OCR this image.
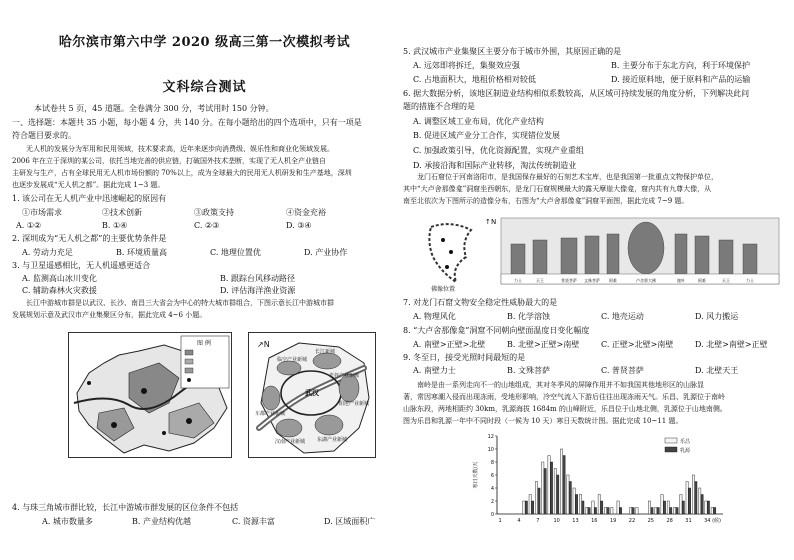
哈尔滨市第六中学 2020 级高三第一次模拟考试
文科综合测试
本试卷共 5 页，45 道题。全卷满分 300 分，考试用时 150 分钟。
一、选择题：本题共 35 小题，每小题 4 分，共 140 分。在每小题给出的四个选项中，只有一项是
符合题目要求的。
无人机的发展分为军用和民用领域，技术要求高，近年来逐步向消费级、娱乐性和商业化领域发展。
2006 年在立于深圳的某公司，依托当地完善的供应链，打破国外技术垄断，实现了无人机全产业链自
主研发与生产，占有全球民用无人机市场份额的 70%以上，成为全球最大的民用无人机研发和生产基地，深圳
也逐步发展成“无人机之都”。据此完成 1~3 题。
1. 该公司在无人机产业中迅速崛起的原因有
①市场需求	②技术创新	③政策支持	④资金充裕
A. ①②	B. ①④	C. ②③	D. ③④
2. 深圳成为“无人机之都”的主要优势条件是
A. 劳动力充足	B. 环境质量高	C. 地理位置优	D. 产业协作
3. 与卫星遥感相比，无人机遥感更适合
A. 监测高山冰川变化	B. 跟踪台风移动路径
C. 辅助森林火灾救援	D. 评估海洋渔业资源
长江中游城市群是以武汉、长沙、南昌三大省会为中心的特大城市群组合，下图示意长江中游城市群
发展规划示意及武汉市产业集聚区分布，据此完成 4~6 小题。
图 例	↗N
临空产业新城
长江新城
武汉
阳逻产业新城
东湖产业新城
汉南产业新城
车都产业新城
光谷产业新城
4. 与珠三角城市群比较，长江中游城市群发展的区位条件不包括
A. 城市数量多	B. 产业结构优越	C. 资源丰富	D. 区域面积广
5. 武汉城市产业集聚区主要分布于城市外围，其原因正确的是
A. 远郊即将拆迁，集聚效应强	B. 主要分布于东北方向，利于环境保护
C. 占地面积大，地租价格相对较低	D. 接近原料地，便于原料和产品的运输
6. 据大数据分析，该地区制造业结构相似系数较高，从区域可持续发展的角度分析，下列解决此问
题的措施不合理的是
A. 调整区域工业布局，优化产业结构
B. 促进区域产业分工合作，实现错位发展
C. 加强政策引导，优化资源配置，实现产业重组
D. 承接沿海和国际产业转移，淘汰传统制造业
龙门石窟位于河南洛阳市，是我国保存最好的石刻艺术宝库，也是我国第一批重点文物保护单位，
其中“大卢舍那像龛”洞窟坐西朝东，是龙门石窟规模最大的露天摩崖大像龛，窟内共有九尊大像，从
南至北依次为下图所示的造像分布，右图为“大卢舍那像龛”洞窟平面图，据此完成 7~9 题。
↑ N
力士	天王	普贤菩萨 文殊菩萨 阿难	卢舍那大佛	迦叶	阿难	天王	力士
佛像位置
7. 对龙门石窟文物安全稳定性威胁最大的是
A. 物理风化	B. 化学溶蚀	C. 地壳运动	D. 风力搬运
8. “大卢舍那像龛”洞窟不同朝向壁面温度日变化幅度
A. 南壁>正壁>北壁	B. 北壁>正壁>南壁	C. 正壁>北壁>南壁	D. 北壁>南壁>正壁
9. 冬至日，接受光照时间最短的是
A. 南壁力士	B. 文殊菩萨	C. 普贤菩萨	D. 北壁天王
南岭是由一系列走向不一的山地组成，其对冬季风的屏障作用并不如我国其他地形区的山脉显
著，常因寒潮入侵而出现冻雨，受地形影响，冷空气流入下游后往往出现冻雨天气。乐昌、乳源位于南岭
山脉东段，两地相距约 30km，乳源海拔 1684m 的山峰附近，乐昌位于山地北侧，乳源位于山地南侧。
图为乐昌和乳源一年中不同时段（一候为 10 天）寒日天数统计图。据此完成 10~11 题。
12
10
8
6
4
2
0
寒日天数/天
1	4	7	10 13 16 19 22 25 28 31 34 (候)
乐昌
乳源
